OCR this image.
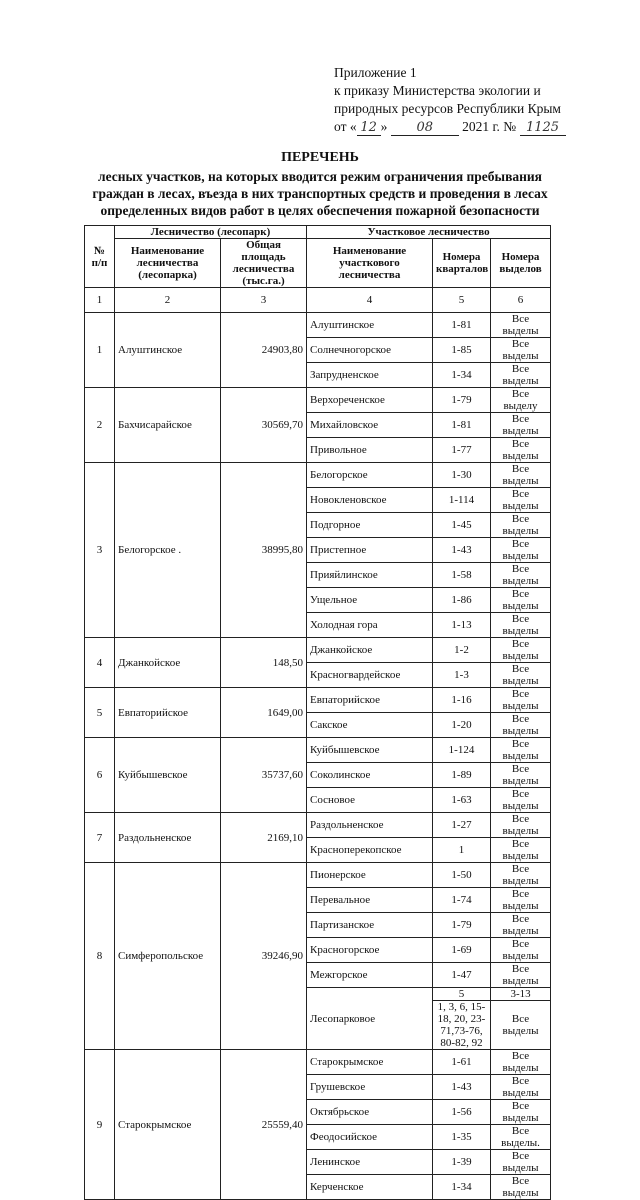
Приложение 1
к приказу Министерства экологии и
природных ресурсов Республики Крым
от « 12 » 08 2021 г. № 1125
ПЕРЕЧЕНЬ
лесных участков, на которых вводится режим ограничения пребывания
граждан в лесах, въезда в них транспортных средств и проведения в лесах
определенных видов работ в целях обеспечения пожарной безопасности
№ п/п	Лесничество (лесопарк)		Участковое лесничество		
	Наименование лесничества (лесопарка)	Общая площадь лесничества (тыс.га.)	Наименование участкового лесничества	Номера кварталов	Номера выделов
1	2	3	4	5	6
1	Алуштинское	24903,80	Алуштинское	1-81	Все выделы
			Солнечногорское	1-85	Все выделы
			Запрудненское	1-34	Все выделы
2	Бахчисарайское	30569,70	Верхореченское	1-79	Все выделу
			Михайловское	1-81	Все выделы
			Привольное	1-77	Все выделы
3	Белогорское .	38995,80	Белогорское	1-30	Все выделы
			Новокленовское	1-114	Все выделы
			Подгорное	1-45	Все выделы
			Пристепное	1-43	Все выделы
			Прияйлинское	1-58	Все выделы
			Ущельное	1-86	Все выделы
			Холодная гора	1-13	Все выделы
4	Джанкойское	148,50	Джанкойское	1-2	Все выделы
			Красногвардейское	1-3	Все выделы
5	Евпаторийское	1649,00	Евпаторийское	1-16	Все выделы
			Сакское	1-20	Все выделы
6	Куйбышевское	35737,60	Куйбышевское	1-124	Все выделы
			Соколинское	1-89	Все выделы
			Сосновое	1-63	Все выделы
7	Раздольненское	2169,10	Раздольненское	1-27	Все выделы
			Красноперекопское	1	Все выделы
8	Симферопольское	39246,90	Пионерское	1-50	Все выделы
			Перевальное	1-74	Все выделы
			Партизанское	1-79	Все выделы
			Красногорское	1-69	Все выделы
			Межгорское	1-47	Все выделы
			Лесопарковое	5	3-13
				1, 3, 6, 15-18, 20, 23-71,73-76, 80-82, 92	Все выделы
9	Старокрымское	25559,40	Старокрымское	1-61	Все выделы
			Грушевское	1-43	Все выделы
			Октябрьское	1-56	Все выделы
			Феодосийское	1-35	Все выделы.
			Ленинское	1-39	Все выделы
			Керченское	1-34	Все выделы
